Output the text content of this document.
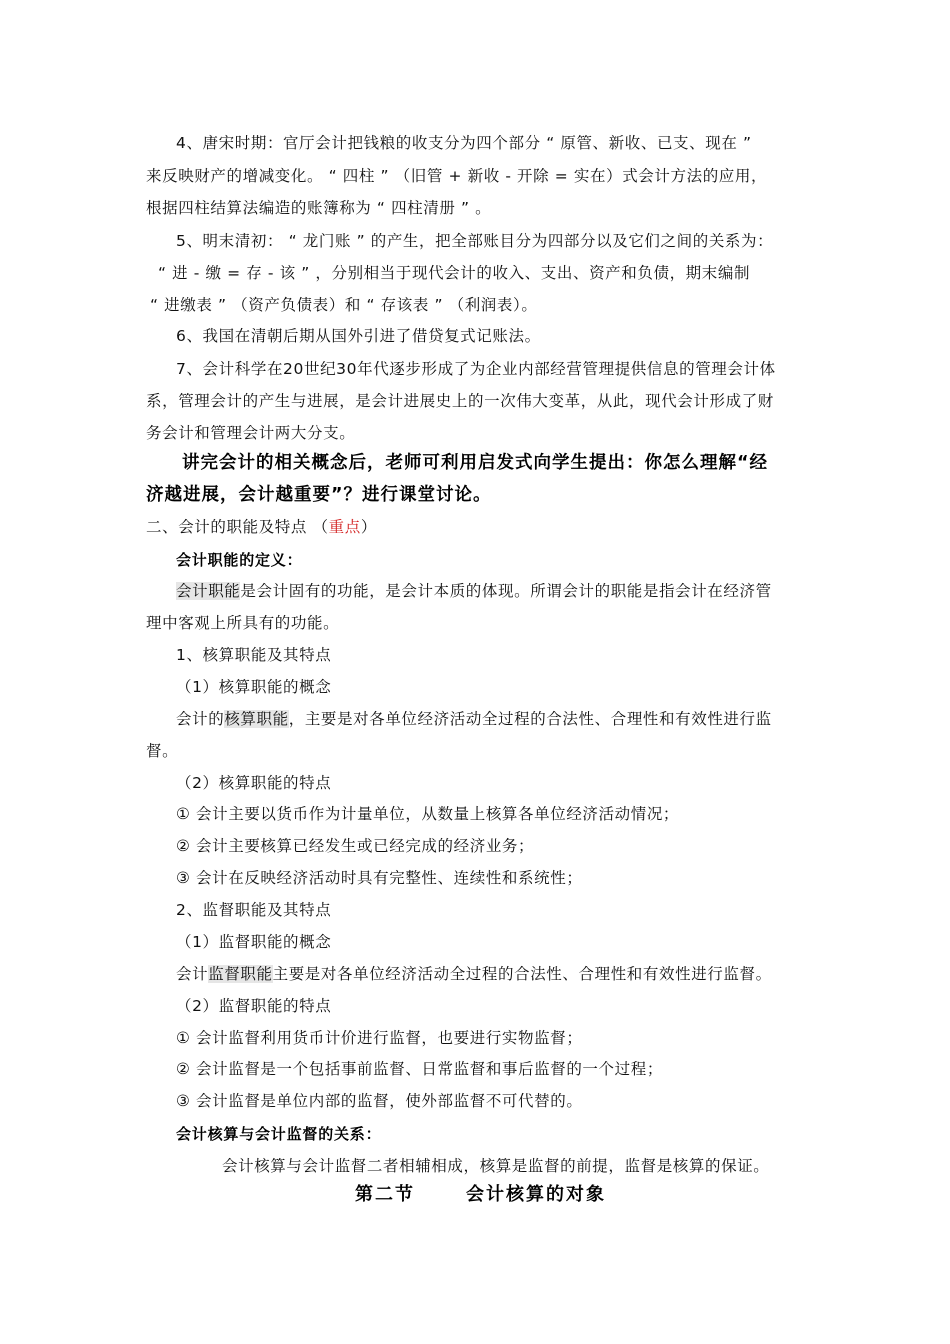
4、唐宋时期：官厅会计把钱粮的收支分为四个部分 “ 原管、新收、已支、现在 ”
来反映财产的增减变化。 “ 四柱 ” （旧管 + 新收 - 开除 = 实在）式会计方法的应用，
根据四柱结算法编造的账簿称为 “ 四柱清册 ” 。
5、明末清初： “ 龙门账 ” 的产生，把全部账目分为四部分以及它们之间的关系为：
“ 进 - 缴 = 存 - 该 ” ，分别相当于现代会计的收入、支出、资产和负债，期末编制
“ 进缴表 ” （资产负债表）和 “ 存该表 ” （利润表）。
6、我国在清朝后期从国外引进了借贷复式记账法。
7、会计科学在20世纪30年代逐步形成了为企业内部经营管理提供信息的管理会计体
系，管理会计的产生与进展，是会计进展史上的一次伟大变革，从此，现代会计形成了财
务会计和管理会计两大分支。
讲完会计的相关概念后，老师可利用启发式向学生提出：你怎么理解“经
济越进展，会计越重要”？进行课堂讨论。
二、会计的职能及特点 （重点）
会计职能的定义：
会计职能是会计固有的功能，是会计本质的体现。所谓会计的职能是指会计在经济管
理中客观上所具有的功能。
1、核算职能及其特点
（1）核算职能的概念
会计的核算职能，主要是对各单位经济活动全过程的合法性、合理性和有效性进行监
督。
（2）核算职能的特点
① 会计主要以货币作为计量单位，从数量上核算各单位经济活动情况；
② 会计主要核算已经发生或已经完成的经济业务；
③ 会计在反映经济活动时具有完整性、连续性和系统性；
2、监督职能及其特点
（1）监督职能的概念
会计监督职能主要是对各单位经济活动全过程的合法性、合理性和有效性进行监督。
（2）监督职能的特点
① 会计监督利用货币计价进行监督，也要进行实物监督；
② 会计监督是一个包括事前监督、日常监督和事后监督的一个过程；
③ 会计监督是单位内部的监督，使外部监督不可代替的。
会计核算与会计监督的关系：
会计核算与会计监督二者相辅相成，核算是监督的前提，监督是核算的保证。
第二节	会计核算的对象
